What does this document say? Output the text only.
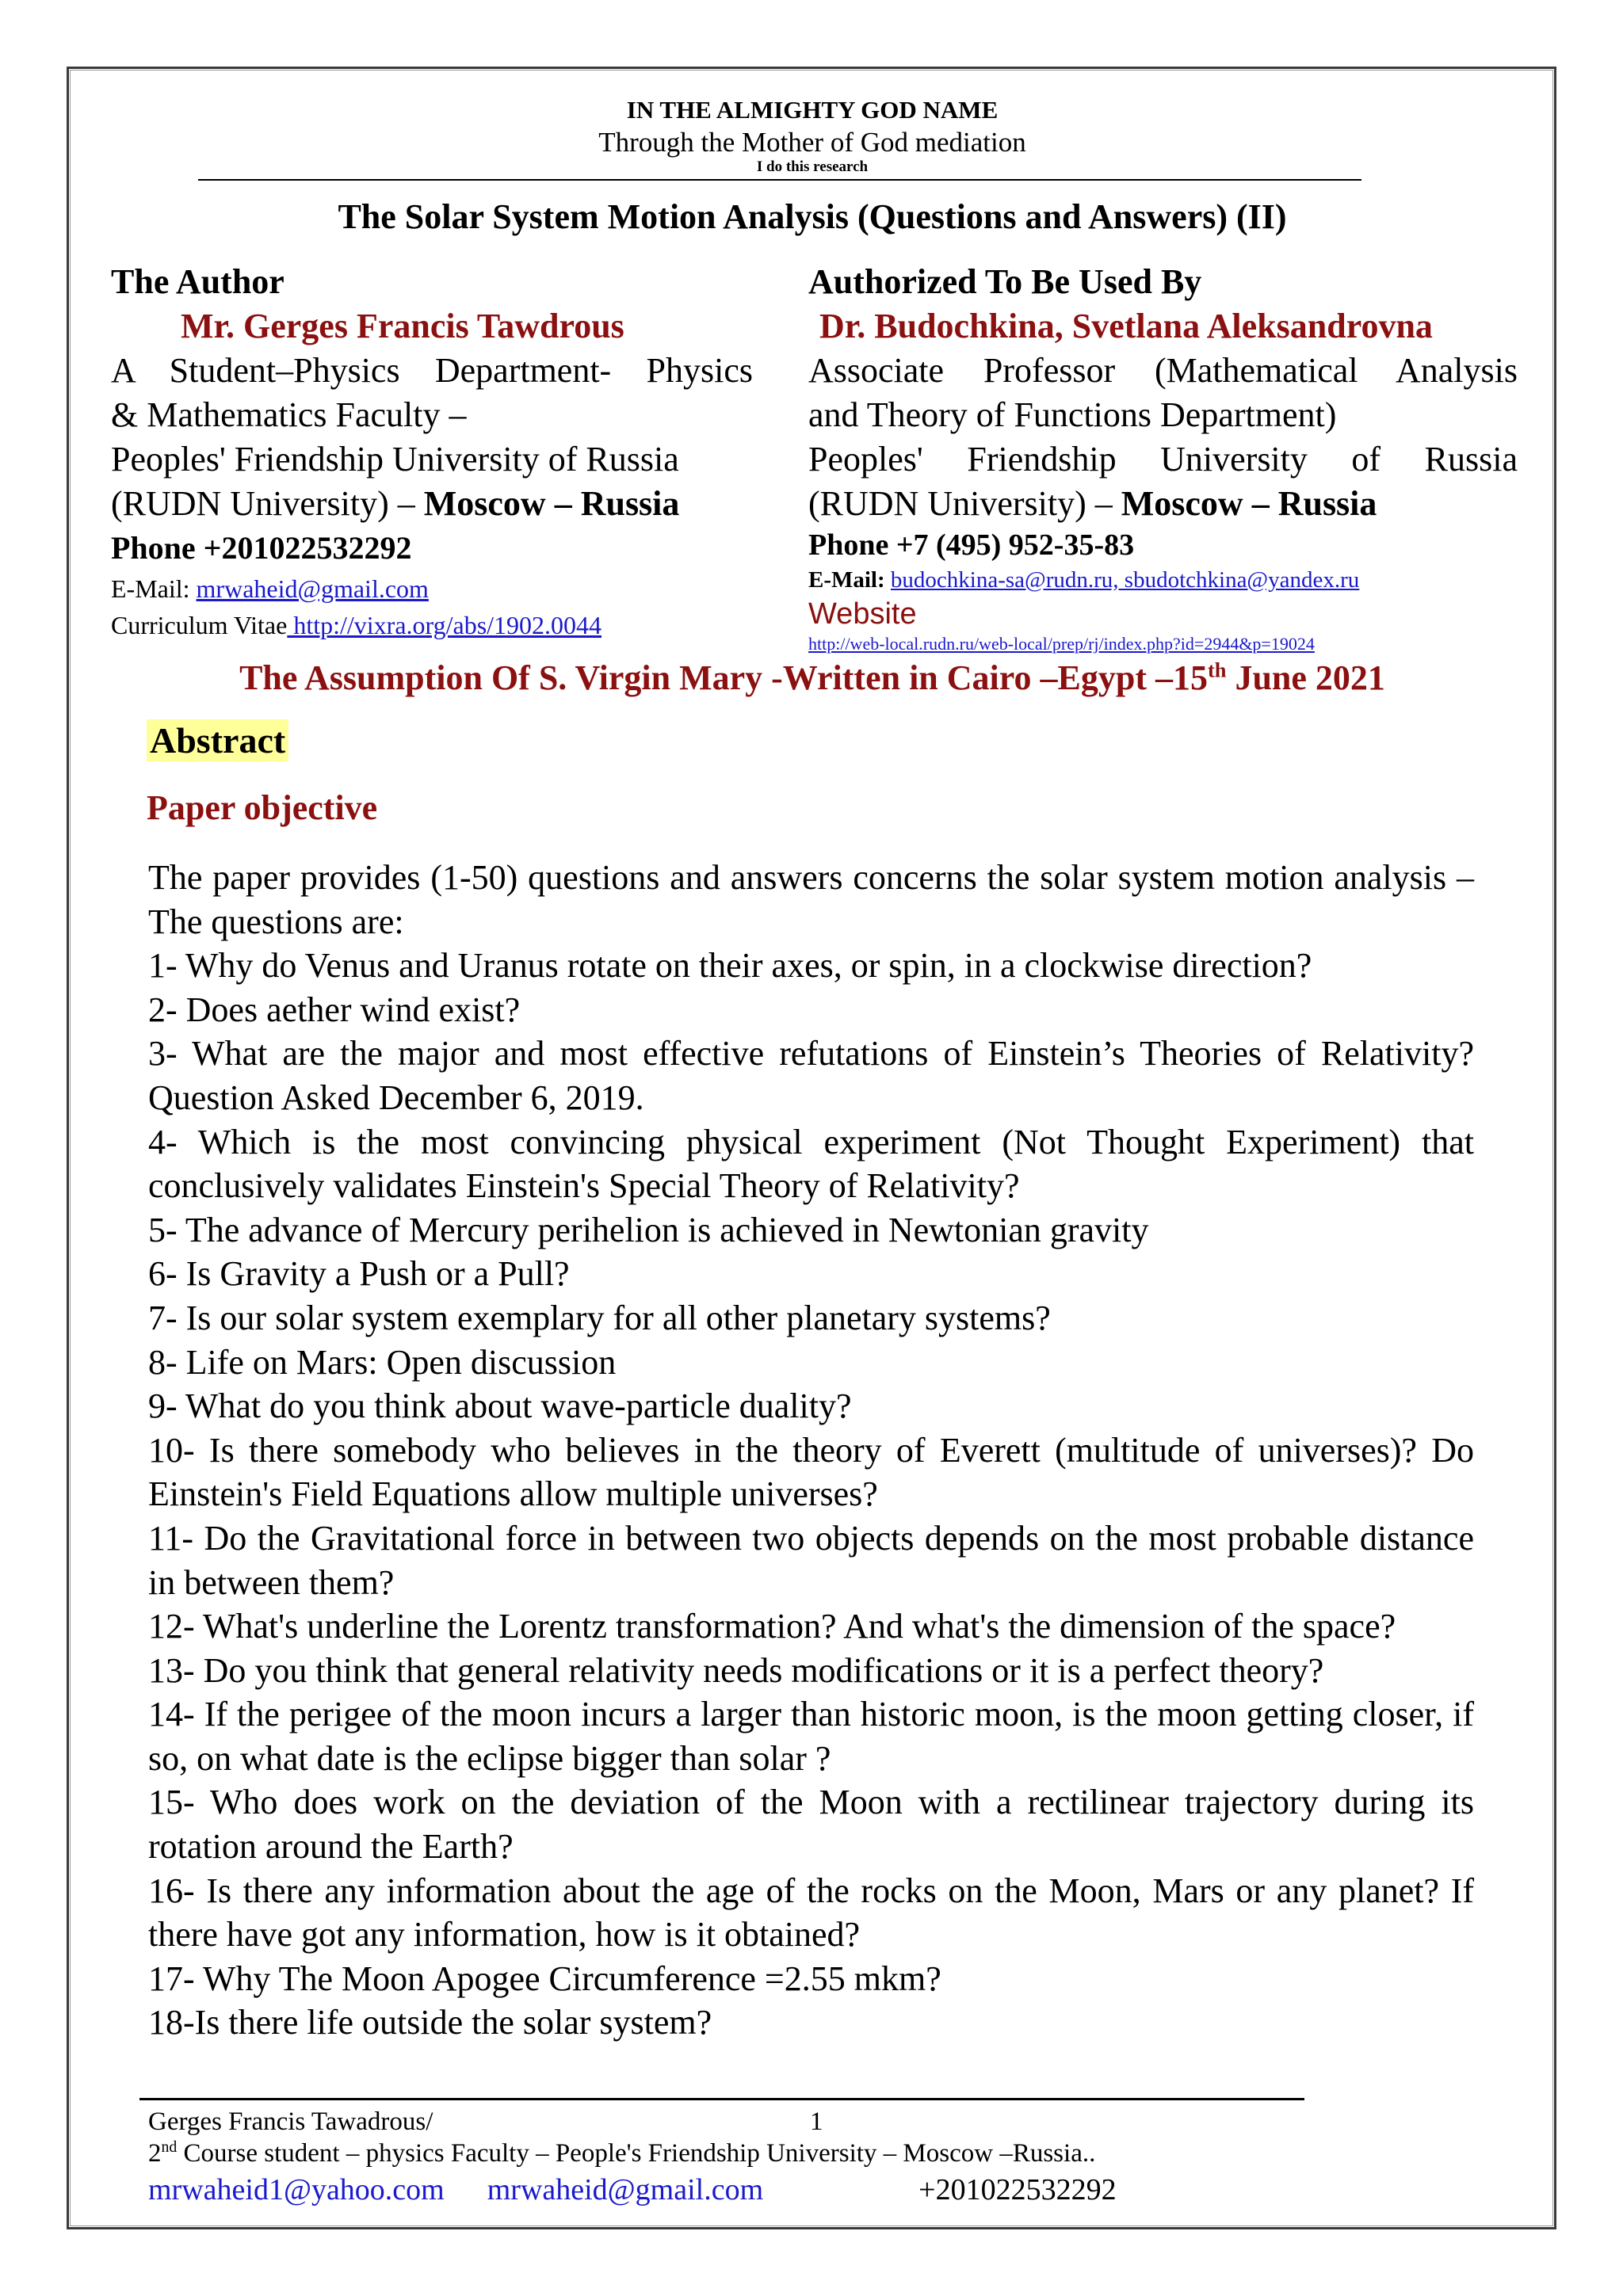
IN THE ALMIGHTY GOD NAME
Through the Mother of God mediation
I do this research
The Solar System Motion Analysis (Questions and Answers) (II)
The Author
Mr. Gerges Francis Tawdrous
A Student–Physics Department- Physics
& Mathematics Faculty –
Peoples' Friendship University of Russia
(RUDN University) – Moscow – Russia
Phone +201022532292
E-Mail: mrwaheid@gmail.com
Curriculum Vitae http://vixra.org/abs/1902.0044
Authorized To Be Used By
Dr. Budochkina, Svetlana Aleksandrovna
Associate Professor (Mathematical Analysis
and Theory of Functions Department)
Peoples' Friendship University of Russia
(RUDN University) – Moscow – Russia
Phone +7 (495) 952-35-83
E-Mail: budochkina-sa@rudn.ru, sbudotchkina@yandex.ru
Website
http://web-local.rudn.ru/web-local/prep/rj/index.php?id=2944&p=19024
The Assumption Of S. Virgin Mary -Written in Cairo –Egypt –15th June 2021
Abstract
Paper objective
The paper provides (1-50) questions and answers concerns the solar system motion analysis – The questions are:
1- Why do Venus and Uranus rotate on their axes, or spin, in a clockwise direction?
2- Does aether wind exist?
3- What are the major and most effective refutations of Einstein’s Theories of Relativity? Question Asked December 6, 2019.
4- Which is the most convincing physical experiment (Not Thought Experiment) that conclusively validates Einstein's Special Theory of Relativity?
5- The advance of Mercury perihelion is achieved in Newtonian gravity
6- Is Gravity a Push or a Pull?
7- Is our solar system exemplary for all other planetary systems?
8- Life on Mars: Open discussion
9- What do you think about wave-particle duality?
10- Is there somebody who believes in the theory of Everett (multitude of universes)? Do Einstein's Field Equations allow multiple universes?
11- Do the Gravitational force in between two objects depends on the most probable distance in between them?
12- What's underline the Lorentz transformation? And what's the dimension of the space?
13- Do you think that general relativity needs modifications or it is a perfect theory?
14- If the perigee of the moon incurs a larger than historic moon, is the moon getting closer, if so, on what date is the eclipse bigger than solar ?
15- Who does work on the deviation of the Moon with a rectilinear trajectory during its rotation around the Earth?
16- Is there any information about the age of the rocks on the Moon, Mars or any planet? If there have got any information, how is it obtained?
17- Why The Moon Apogee Circumference =2.55 mkm?
18-Is there life outside the solar system?
Gerges Francis Tawadrous/	1
2nd Course student – physics Faculty – People's Friendship University – Moscow –Russia..
mrwaheid1@yahoo.com mrwaheid@gmail.com	+201022532292
